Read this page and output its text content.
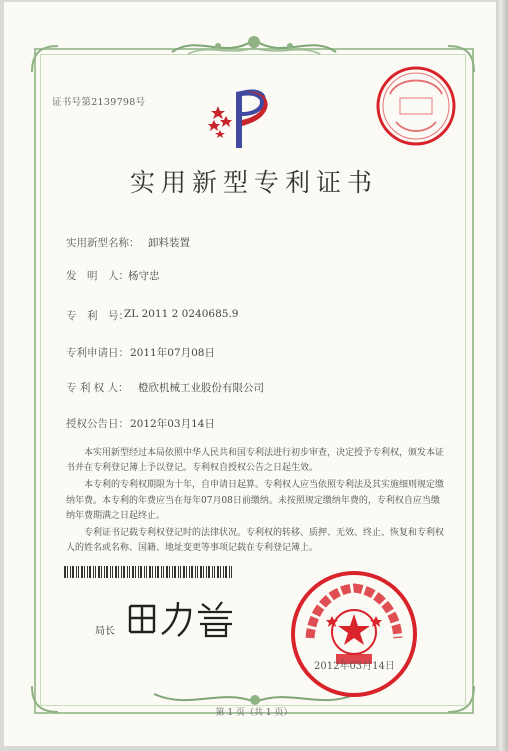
证书号第2139798号
实用新型专利证书
实用新型名称： 卸料装置
发　明　人： 杨守忠
专　利　号：
ZL 2011 2 0240685.9
专利申请日： 2011年07月08日
专 利 权 人： 橙欣机械工业股份有限公司
授权公告日： 2012年03月14日

本实用新型经过本局依照中华人民共和国专利法进行初步审查，决定授予专利权，颁发本证书并在专利登记簿上予以登记。专利权自授权公告之日起生效。

本专利的专利权期限为十年，自申请日起算。专利权人应当依照专利法及其实施细则规定缴纳年费。本专利的年费应当在每年07月08日前缴纳。未按照规定缴纳年费的，专利权自应当缴纳年费期满之日起终止。

专利证书记载专利权登记时的法律状况。专利权的转移、质押、无效、终止、恢复和专利权人的姓名或名称、国籍、地址变更等事项记载在专利登记簿上。

局长
2012年03月14日
第 1 页（共 1 页）
